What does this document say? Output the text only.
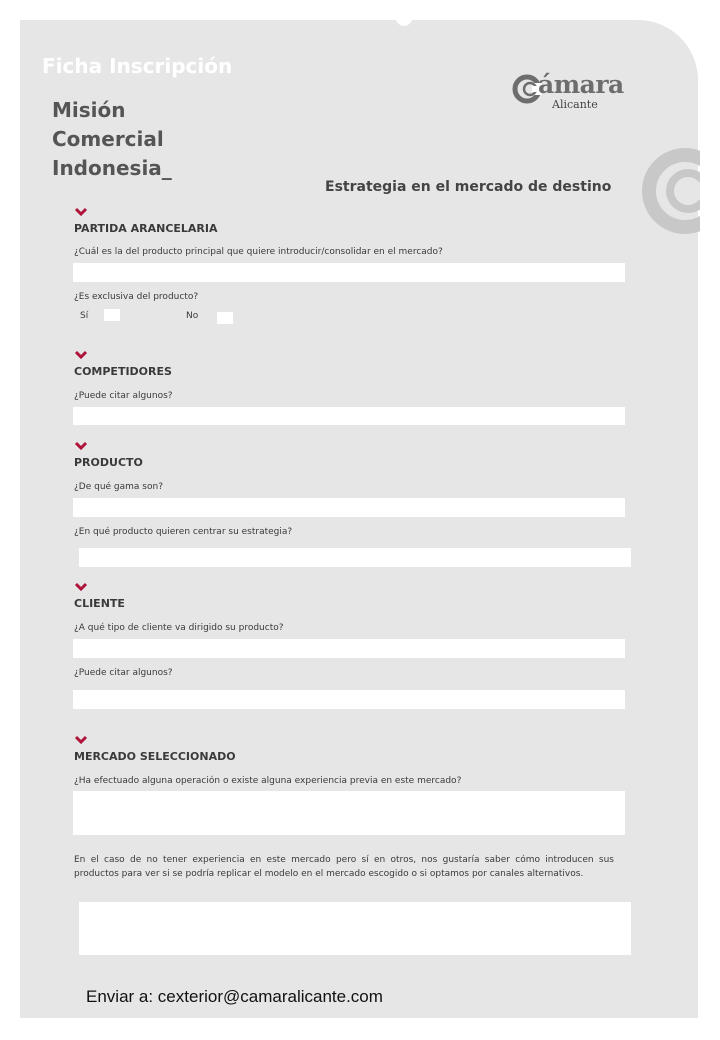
Ficha Inscripción
Misión
Comercial
Indonesia_
ámara
Alicante
Estrategia en el mercado de destino
PARTIDA ARANCELARIA
¿Cuál es la del producto principal que quiere introducir/consolidar en el mercado?
¿Es exclusiva del producto?
Sí	No
COMPETIDORES
¿Puede citar algunos?
PRODUCTO
¿De qué gama son?
¿En qué producto quieren centrar su estrategia?
CLIENTE
¿A qué tipo de cliente va dirigido su producto?
¿Puede citar algunos?
MERCADO SELECCIONADO
¿Ha efectuado alguna operación o existe alguna experiencia previa en este mercado?
En el caso de no tener experiencia en este mercado pero sí en otros, nos gustaría saber cómo introducen sus productos para ver si se podría replicar el modelo en el mercado escogido o si optamos por canales alternativos.
Enviar a: cexterior@camaralicante.com
